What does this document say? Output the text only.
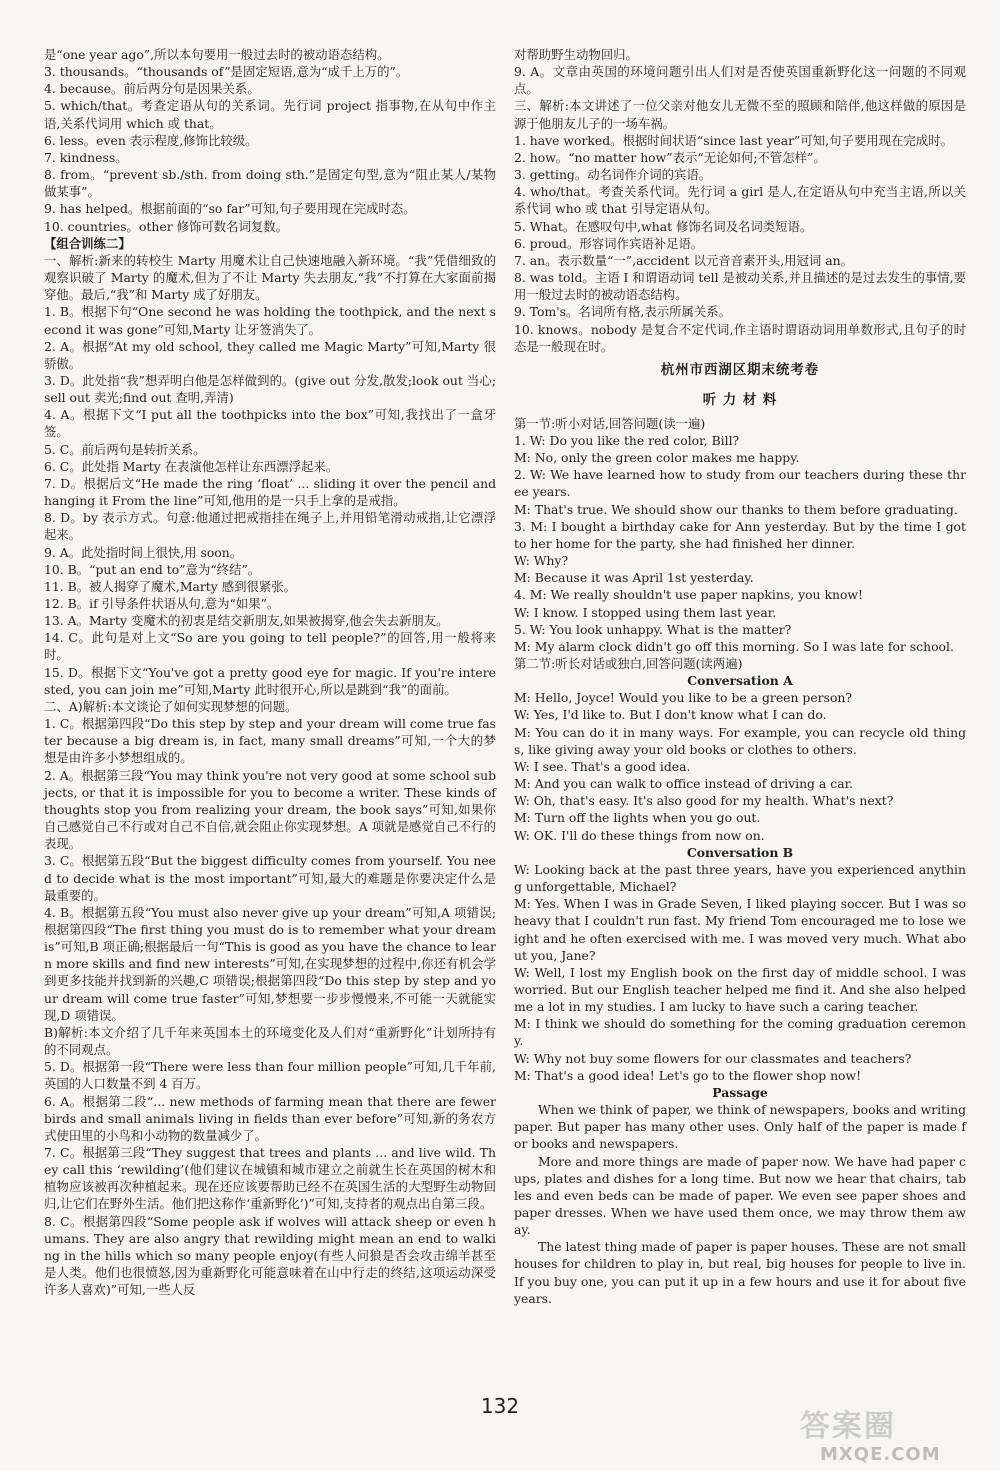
是“one year ago”,所以本句要用一般过去时的被动语态结构。
3. thousands。“thousands of”是固定短语,意为“成千上万的”。
4. because。前后两分句是因果关系。
5. which/that。考查定语从句的关系词。先行词 project 指事物,在从句中作主语,关系代词用 which 或 that。
6. less。even 表示程度,修饰比较级。
7. kindness。
8. from。“prevent sb./sth. from doing sth.”是固定句型,意为“阻止某人/某物做某事”。
9. has helped。根据前面的“so far”可知,句子要用现在完成时态。
10. countries。other 修饰可数名词复数。
【组合训练二】
一、解析:新来的转校生 Marty 用魔术让自己快速地融入新环境。“我”凭借细致的观察识破了 Marty 的魔术,但为了不让 Marty 失去朋友,“我”不打算在大家面前揭穿他。最后,“我”和 Marty 成了好朋友。
1. B。根据下句“One second he was holding the toothpick, and the next second it was gone”可知,Marty 让牙签消失了。
2. A。根据“At my old school, they called me Magic Marty”可知,Marty 很骄傲。
3. D。此处指“我”想弄明白他是怎样做到的。(give out 分发,散发;look out 当心;sell out 卖光;find out 查明,弄清)
4. A。根据下文“I put all the toothpicks into the box”可知,我找出了一盒牙签。
5. C。前后两句是转折关系。
6. C。此处指 Marty 在表演他怎样让东西漂浮起来。
7. D。根据后文“He made the ring ‘float’ ... sliding it over the pencil and hanging it From the line”可知,他用的是一只手上拿的是戒指。
8. D。by 表示方式。句意:他通过把戒指挂在绳子上,并用铅笔滑动戒指,让它漂浮起来。
9. A。此处指时间上很快,用 soon。
10. B。“put an end to”意为“终结”。
11. B。被人揭穿了魔术,Marty 感到很紧张。
12. B。if 引导条件状语从句,意为“如果”。
13. A。Marty 变魔术的初衷是结交新朋友,如果被揭穿,他会失去新朋友。
14. C。此句是对上文“So are you going to tell people?”的回答,用一般将来时。
15. D。根据下文“You've got a pretty good eye for magic. If you're interested, you can join me”可知,Marty 此时很开心,所以是跳到“我”的面前。
二、A)解析:本文谈论了如何实现梦想的问题。
1. C。根据第四段“Do this step by step and your dream will come true faster because a big dream is, in fact, many small dreams”可知,一个大的梦想是由许多小梦想组成的。
2. A。根据第三段“You may think you're not very good at some school subjects, or that it is impossible for you to become a writer. These kinds of thoughts stop you from realizing your dream, the book says”可知,如果你自己感觉自己不行或对自己不自信,就会阻止你实现梦想。A 项就是感觉自己不行的表现。
3. C。根据第五段“But the biggest difficulty comes from yourself. You need to decide what is the most important”可知,最大的难题是你要决定什么是最重要的。
4. B。根据第五段“You must also never give up your dream”可知,A 项错误;根据第四段“The first thing you must do is to remember what your dream is”可知,B 项正确;根据最后一句“This is good as you have the chance to learn more skills and find new interests”可知,在实现梦想的过程中,你还有机会学到更多技能并找到新的兴趣,C 项错误;根据第四段“Do this step by step and your dream will come true faster”可知,梦想要一步步慢慢来,不可能一天就能实现,D 项错误。
B)解析:本文介绍了几千年来英国本土的环境变化及人们对“重新野化”计划所持有的不同观点。
5. D。根据第一段“There were less than four million people”可知,几千年前,英国的人口数量不到 4 百万。
6. A。根据第二段“... new methods of farming mean that there are fewer birds and small animals living in fields than ever before”可知,新的务农方式使田里的小鸟和小动物的数量减少了。
7. C。根据第三段“They suggest that trees and plants ... and live wild. They call this ‘rewilding’(他们建议在城镇和城市建立之前就生长在英国的树木和植物应该被再次种植起来。现在还应该要帮助已经不在英国生活的大型野生动物回归,让它们在野外生活。他们把这称作‘重新野化’)”可知,支持者的观点出自第三段。
8. C。根据第四段“Some people ask if wolves will attack sheep or even humans. They are also angry that rewilding might mean an end to walking in the hills which so many people enjoy(有些人问狼是否会攻击绵羊甚至是人类。他们也很愤怒,因为重新野化可能意味着在山中行走的终结,这项运动深受许多人喜欢)”可知,一些人反
对帮助野生动物回归。
9. A。文章由英国的环境问题引出人们对是否使英国重新野化这一问题的不同观点。
三、解析:本文讲述了一位父亲对他女儿无微不至的照顾和陪伴,他这样做的原因是源于他朋友儿子的一场车祸。
1. have worked。根据时间状语“since last year”可知,句子要用现在完成时。
2. how。“no matter how”表示“无论如何;不管怎样”。
3. getting。动名词作介词的宾语。
4. who/that。考查关系代词。先行词 a girl 是人,在定语从句中充当主语,所以关系代词 who 或 that 引导定语从句。
5. What。在感叹句中,what 修饰名词及名词类短语。
6. proud。形容词作宾语补足语。
7. an。表示数量“一”,accident 以元音音素开头,用冠词 an。
8. was told。主语 I 和谓语动词 tell 是被动关系,并且描述的是过去发生的事情,要用一般过去时的被动语态结构。
9. Tom's。名词所有格,表示所属关系。
10. knows。nobody 是复合不定代词,作主语时谓语动词用单数形式,且句子的时态是一般现在时。
杭州市西湖区期末统考卷
听 力 材 料
第一节:听小对话,回答问题(读一遍)
1. W: Do you like the red color, Bill?
M: No, only the green color makes me happy.
2. W: We have learned how to study from our teachers during these three years.
M: That's true. We should show our thanks to them before graduating.
3. M: I bought a birthday cake for Ann yesterday. But by the time I got to her home for the party, she had finished her dinner.
W: Why?
M: Because it was April 1st yesterday.
4. M: We really shouldn't use paper napkins, you know!
W: I know. I stopped using them last year.
5. W: You look unhappy. What is the matter?
M: My alarm clock didn't go off this morning. So I was late for school.
第二节:听长对话或独白,回答问题(读两遍)
Conversation A
M: Hello, Joyce! Would you like to be a green person?
W: Yes, I'd like to. But I don't know what I can do.
M: You can do it in many ways. For example, you can recycle old things, like giving away your old books or clothes to others.
W: I see. That's a good idea.
M: And you can walk to office instead of driving a car.
W: Oh, that's easy. It's also good for my health. What's next?
M: Turn off the lights when you go out.
W: OK. I'll do these things from now on.
Conversation B
W: Looking back at the past three years, have you experienced anything unforgettable, Michael?
M: Yes. When I was in Grade Seven, I liked playing soccer. But I was so heavy that I couldn't run fast. My friend Tom encouraged me to lose weight and he often exercised with me. I was moved very much. What about you, Jane?
W: Well, I lost my English book on the first day of middle school. I was worried. But our English teacher helped me find it. And she also helped me a lot in my studies. I am lucky to have such a caring teacher.
M: I think we should do something for the coming graduation ceremony.
W: Why not buy some flowers for our classmates and teachers?
M: That's a good idea! Let's go to the flower shop now!
Passage
When we think of paper, we think of newspapers, books and writing paper. But paper has many other uses. Only half of the paper is made for books and newspapers.
More and more things are made of paper now. We have had paper cups, plates and dishes for a long time. But now we hear that chairs, tables and even beds can be made of paper. We even see paper shoes and paper dresses. When we have used them once, we may throw them away.
The latest thing made of paper is paper houses. These are not small houses for children to play in, but real, big houses for people to live in. If you buy one, you can put it up in a few hours and use it for about five years.
132
答案圈
MXQE.COM
